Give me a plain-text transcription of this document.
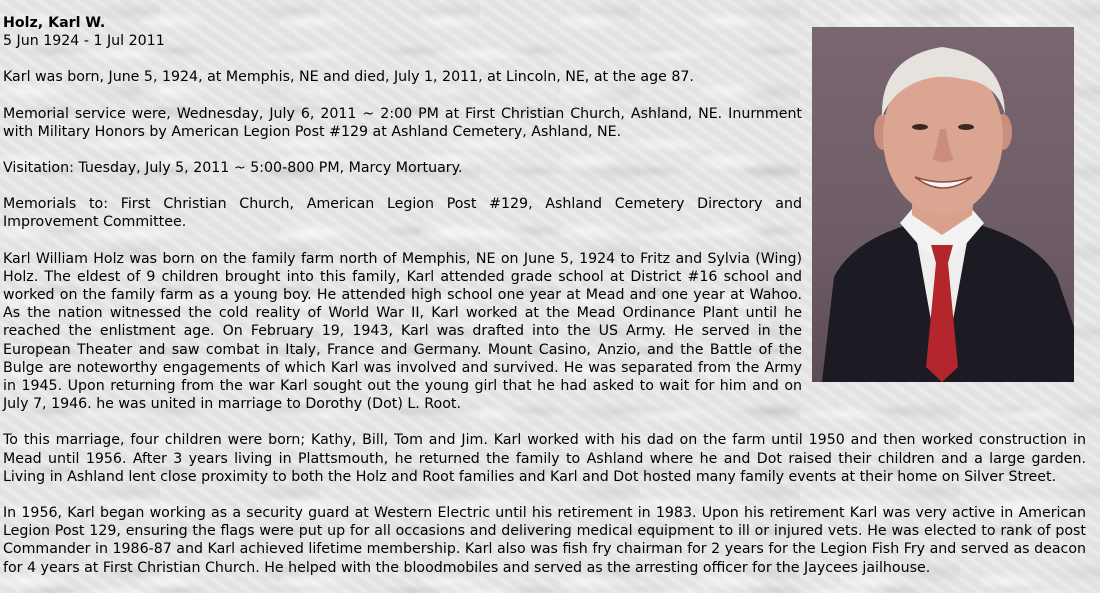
Holz, Karl W.
5 Jun 1924 - 1 Jul 2011

Karl was born, June 5, 1924, at Memphis, NE and died, July 1, 2011, at Lincoln, NE, at the age 87.

Memorial service were, Wednesday, July 6, 2011 ~ 2:00 PM at First Christian Church, Ashland, NE. Inurnment with Military Honors by American Legion Post #129 at Ashland Cemetery, Ashland, NE.

Visitation: Tuesday, July 5, 2011 ~ 5:00-800 PM, Marcy Mortuary.

Memorials to: First Christian Church, American Legion Post #129, Ashland Cemetery Directory and Improvement Committee.

Karl William Holz was born on the family farm north of Memphis, NE on June 5, 1924 to Fritz and Sylvia (Wing) Holz. The eldest of 9 children brought into this family, Karl attended grade school at District #16 school and worked on the family farm as a young boy. He attended high school one year at Mead and one year at Wahoo. As the nation witnessed the cold reality of World War II, Karl worked at the Mead Ordinance Plant until he reached the enlistment age. On February 19, 1943, Karl was drafted into the US Army. He served in the European Theater and saw combat in Italy, France and Germany. Mount Casino, Anzio, and the Battle of the Bulge are noteworthy engagements of which Karl was involved and survived. He was separated from the Army in 1945. Upon returning from the war Karl sought out the young girl that he had asked to wait for him and on July 7, 1946. he was united in marriage to Dorothy (Dot) L. Root.

To this marriage, four children were born; Kathy, Bill, Tom and Jim. Karl worked with his dad on the farm until 1950 and then worked construction in Mead until 1956. After 3 years living in Plattsmouth, he returned the family to Ashland where he and Dot raised their children and a large garden. Living in Ashland lent close proximity to both the Holz and Root families and Karl and Dot hosted many family events at their home on Silver Street.

In 1956, Karl began working as a security guard at Western Electric until his retirement in 1983. Upon his retirement Karl was very active in American Legion Post 129, ensuring the flags were put up for all occasions and delivering medical equipment to ill or injured vets. He was elected to rank of post Commander in 1986-87 and Karl achieved lifetime membership. Karl also was fish fry chairman for 2 years for the Legion Fish Fry and served as deacon for 4 years at First Christian Church. He helped with the bloodmobiles and served as the arresting officer for the Jaycees jailhouse.
